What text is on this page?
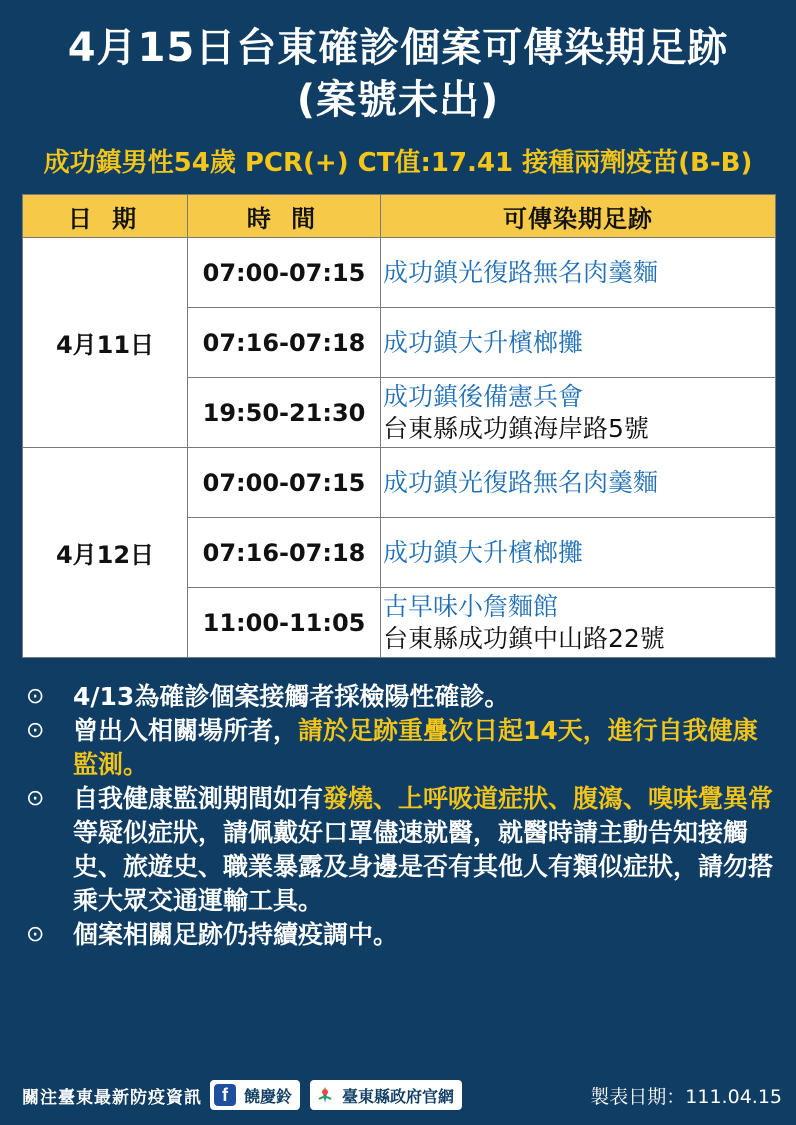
4月15日台東確診個案可傳染期足跡
(案號未出)
成功鎮男性54歲 PCR(+) CT值:17.41 接種兩劑疫苗(B-B)
日 期	時 間	可傳染期足跡
4月11日	07:00-07:15	成功鎮光復路無名肉羹麵

	07:16-07:18	成功鎮大升檳榔攤

	19:50-21:30	成功鎮後備憲兵會
台東縣成功鎮海岸路5號

4月12日	07:00-07:15	成功鎮光復路無名肉羹麵

	07:16-07:18	成功鎮大升檳榔攤

	11:00-11:05	古早味小詹麵館
台東縣成功鎮中山路22號
⊙ 4/13為確診個案接觸者採檢陽性確診。
⊙ 曾出入相關場所者，請於足跡重疊次日起14天，進行自我健康監測。
⊙ 自我健康監測期間如有發燒、上呼吸道症狀、腹瀉、嗅味覺異常等疑似症狀，請佩戴好口罩儘速就醫，就醫時請主動告知接觸史、旅遊史、職業暴露及身邊是否有其他人有類似症狀，請勿搭乘大眾交通運輸工具。
⊙ 個案相關足跡仍持續疫調中。
關注臺東最新防疫資訊	f	饒慶鈴	臺東縣政府官網	製表日期：111.04.15
